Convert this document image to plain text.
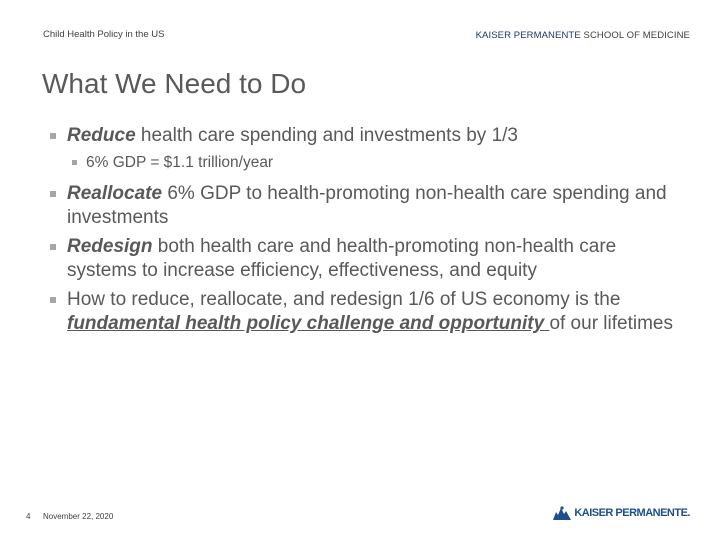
Child Health Policy in the US	KAISER PERMANENTE SCHOOL OF MEDICINE
What We Need to Do
Reduce health care spending and investments by 1/3
6% GDP = $1.1 trillion/year
Reallocate 6% GDP to health-promoting non-health care spending and investments
Redesign both health care and health-promoting non-health care systems to increase efficiency, effectiveness, and equity
How to reduce, reallocate, and redesign 1/6 of US economy is the fundamental health policy challenge and opportunity of our lifetimes
4 November 22, 2020	KAISER PERMANENTE.
